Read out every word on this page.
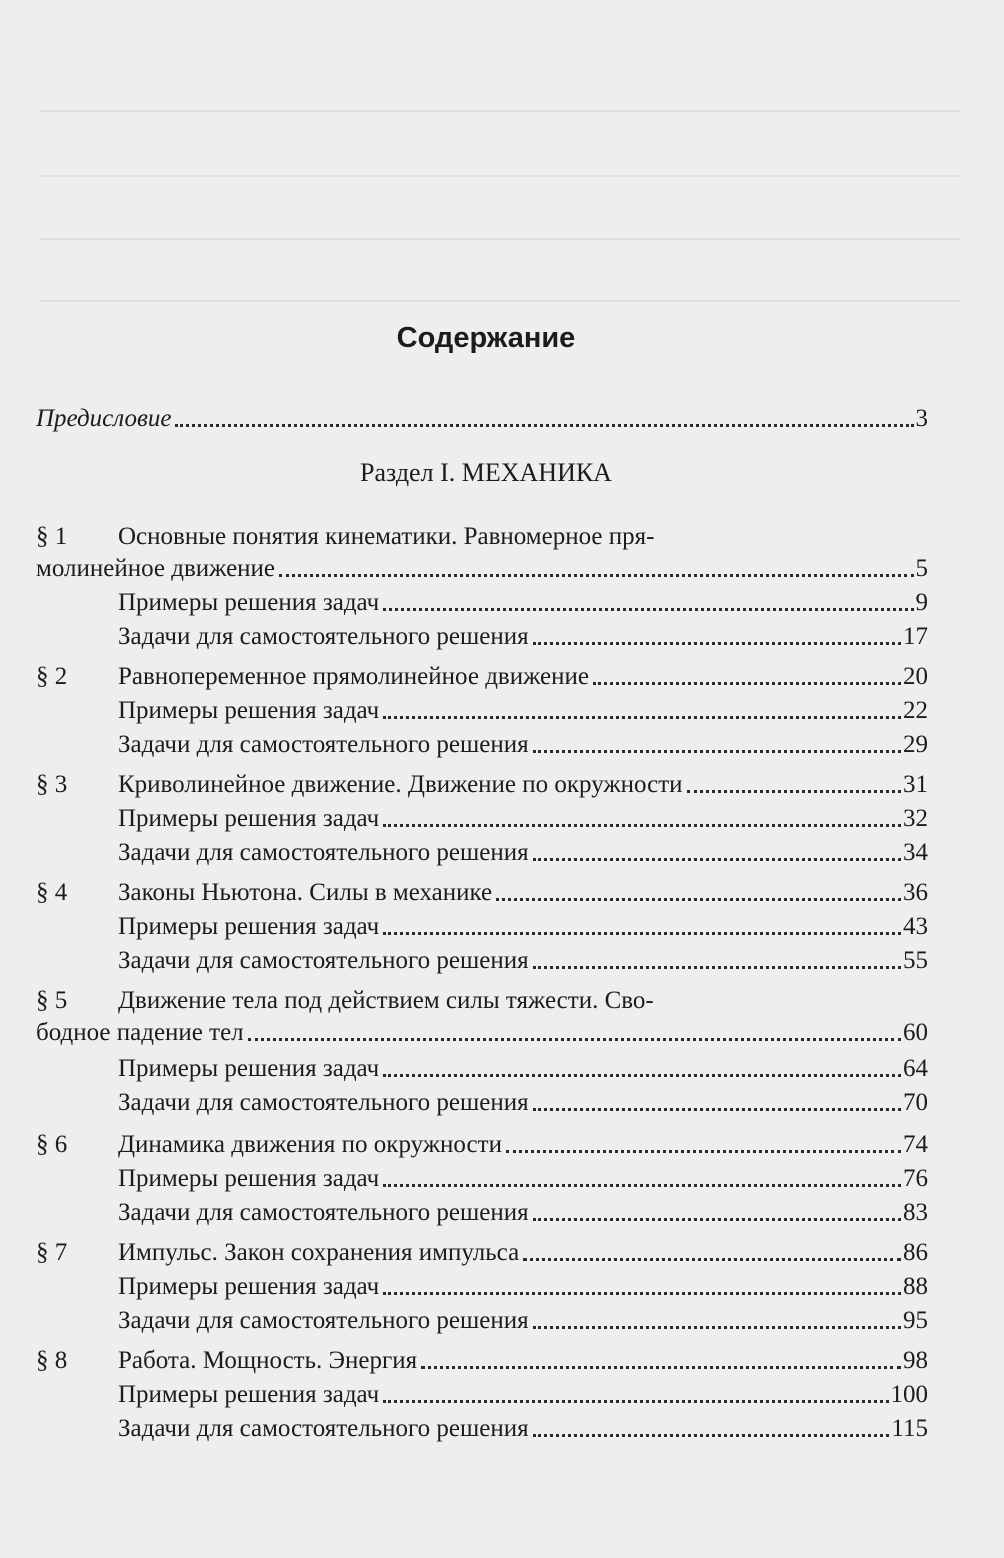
Содержание
Предисловие	3
Раздел I. МЕХАНИКА
§ 1 Основные понятия кинематики. Равномерное пря-
молинейное движение	5
Примеры решения задач	9
Задачи для самостоятельного решения	17
§ 2 Равнопеременное прямолинейное движение	20
Примеры решения задач	22
Задачи для самостоятельного решения	29
§ 3 Криволинейное движение. Движение по окружности	31
Примеры решения задач	32
Задачи для самостоятельного решения	34
§ 4 Законы Ньютона. Силы в механике	36
Примеры решения задач	43
Задачи для самостоятельного решения	55
§ 5 Движение тела под действием силы тяжести. Сво-
бодное падение тел	60
Примеры решения задач	64
Задачи для самостоятельного решения	70
§ 6 Динамика движения по окружности	74
Примеры решения задач	76
Задачи для самостоятельного решения	83
§ 7 Импульс. Закон сохранения импульса	86
Примеры решения задач	88
Задачи для самостоятельного решения	95
§ 8 Работа. Мощность. Энергия	98
Примеры решения задач	100
Задачи для самостоятельного решения	115
